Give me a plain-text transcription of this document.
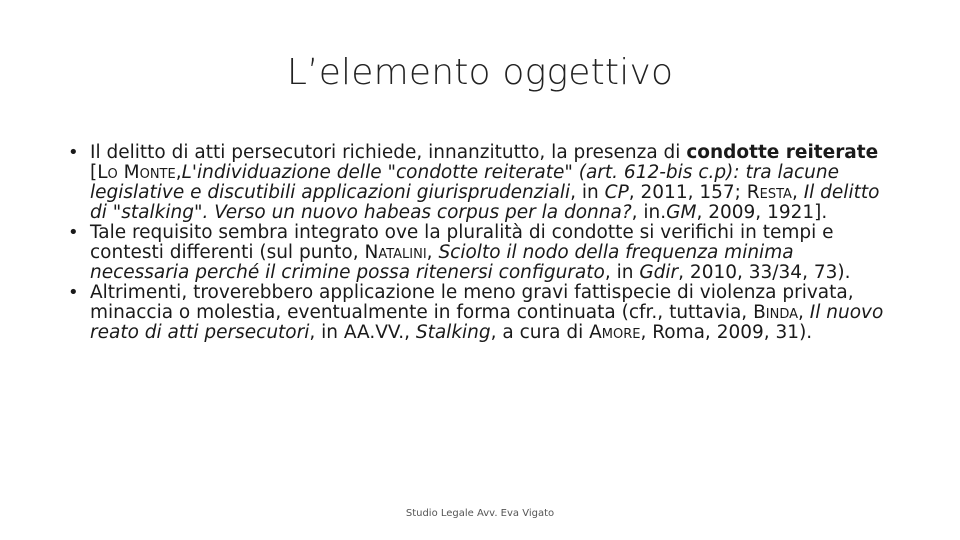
L’elemento oggettivo
• Il delitto di atti persecutori richiede, innanzitutto, la presenza di condotte reiterate [Lo Monte,L'individuazione delle "condotte reiterate" (art. 612-bis c.p): tra lacune legislative e discutibili applicazioni giurisprudenziali, in CP, 2011, 157; Resta, Il delitto di "stalking". Verso un nuovo habeas corpus per la donna?, in.GM, 2009, 1921].
• Tale requisito sembra integrato ove la pluralità di condotte si verifichi in tempi e contesti differenti (sul punto, Natalini, Sciolto il nodo della frequenza minima necessaria perché il crimine possa ritenersi configurato, in Gdir, 2010, 33/34, 73).
• Altrimenti, troverebbero applicazione le meno gravi fattispecie di violenza privata, minaccia o molestia, eventualmente in forma continuata (cfr., tuttavia, Binda, Il nuovo reato di atti persecutori, in AA.VV., Stalking, a cura di Amore, Roma, 2009, 31).
Studio Legale Avv. Eva Vigato
